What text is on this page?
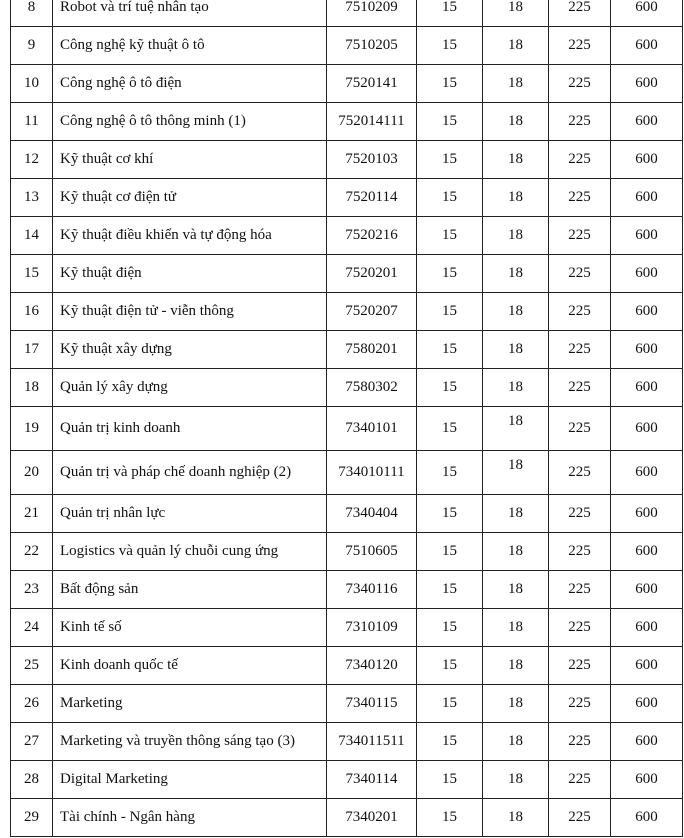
8	Robot và trí tuệ nhân tạo	7510209	15	18	225	600
9	Công nghệ kỹ thuật ô tô	7510205	15	18	225	600
10	Công nghệ ô tô điện	7520141	15	18	225	600
11	Công nghệ ô tô thông minh (1)	752014111	15	18	225	600
12	Kỹ thuật cơ khí	7520103	15	18	225	600
13	Kỹ thuật cơ điện tử	7520114	15	18	225	600
14	Kỹ thuật điều khiển và tự động hóa	7520216	15	18	225	600
15	Kỹ thuật điện	7520201	15	18	225	600
16	Kỹ thuật điện tử - viễn thông	7520207	15	18	225	600
17	Kỹ thuật xây dựng	7580201	15	18	225	600
18	Quản lý xây dựng	7580302	15	18	225	600
19	Quản trị kinh doanh	7340101	15	18	225	600
20	Quản trị và pháp chế doanh nghiệp (2)	734010111	15	18	225	600
21	Quản trị nhân lực	7340404	15	18	225	600
22	Logistics và quản lý chuỗi cung ứng	7510605	15	18	225	600
23	Bất động sản	7340116	15	18	225	600
24	Kinh tế số	7310109	15	18	225	600
25	Kinh doanh quốc tế	7340120	15	18	225	600
26	Marketing	7340115	15	18	225	600
27	Marketing và truyền thông sáng tạo (3)	734011511	15	18	225	600
28	Digital Marketing	7340114	15	18	225	600
29	Tài chính - Ngân hàng	7340201	15	18	225	600
